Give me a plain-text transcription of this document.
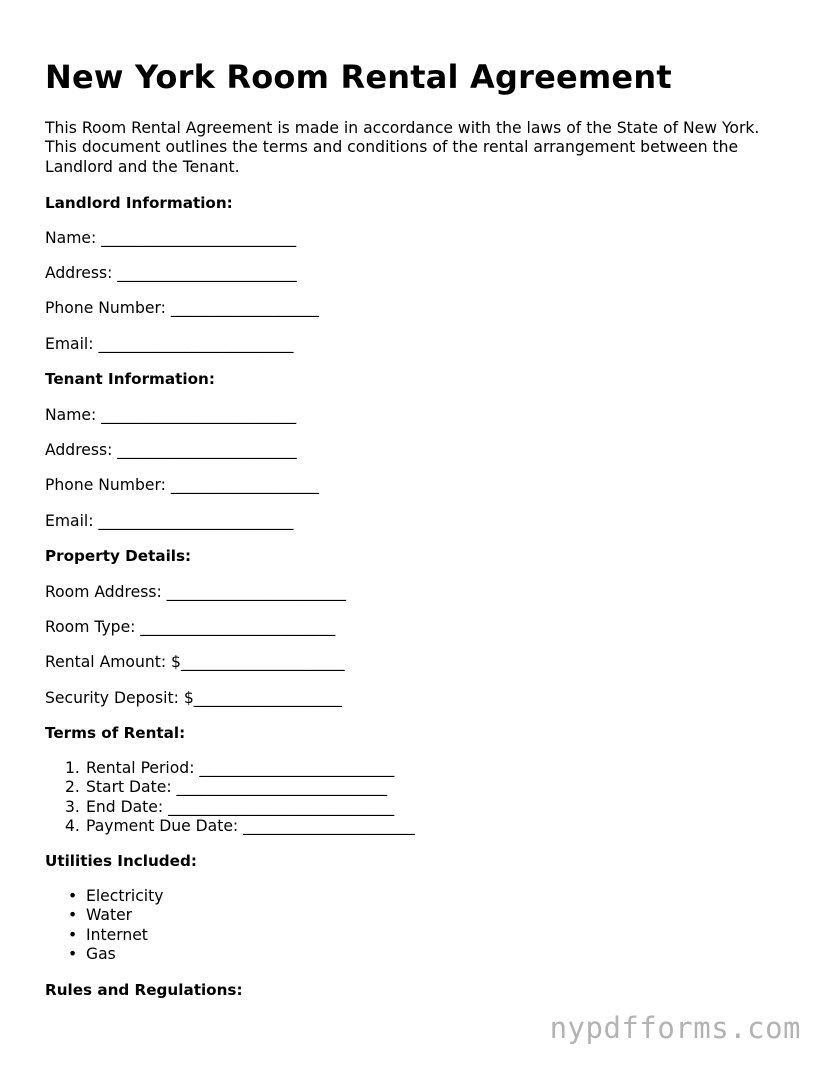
New York Room Rental Agreement

This Room Rental Agreement is made in accordance with the laws of the State of New York. This document outlines the terms and conditions of the rental arrangement between the Landlord and the Tenant.

Landlord Information:

Name: _________________________

Address: _______________________

Phone Number: ___________________

Email: _________________________

Tenant Information:

Name: _________________________

Address: _______________________

Phone Number: ___________________

Email: _________________________

Property Details:

Room Address: _______________________

Room Type: _________________________

Rental Amount: $_____________________

Security Deposit: $___________________

Terms of Rental:

1. Rental Period: _________________________
2. Start Date: ___________________________
3. End Date: _____________________________
4. Payment Due Date: ______________________

Utilities Included:

• Electricity
• Water
• Internet
• Gas

Rules and Regulations:

nypdfforms.com
